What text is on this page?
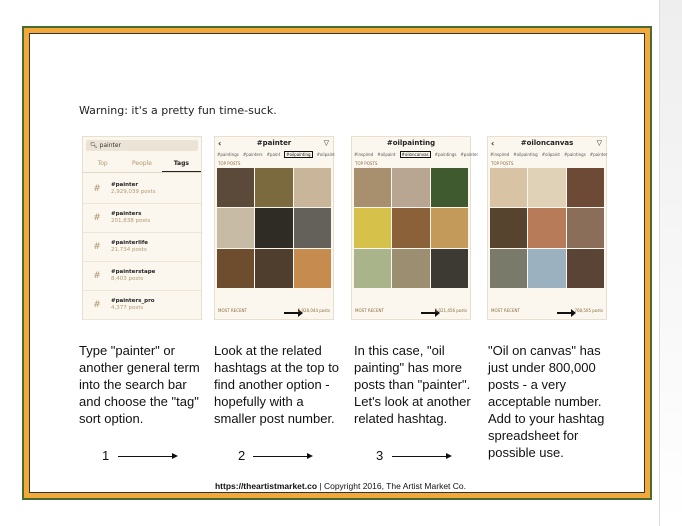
Warning: it's a pretty fun time-suck.
🔍︎ painter
Top	People	Tags
#	#painter
2,929,039 posts
#	#painters
201,838 posts
#	#painterlife
21,734 posts
#	#painterstape
8,403 posts
#	#painters_pro
4,377 posts
‹	#painter	▽
#paintings #painters #paint #oilpainting #oilpaint
TOP POSTS
MOST RECENT	2,928,044 posts
#oilpainting
#inspired #oilpaint #oiloncanvas #paintings #painter
TOP POSTS
MOST RECENT	3,021,456 posts
‹	#oiloncanvas	▽
#inspired #oilpainting #oilpaint #paintings #painter
TOP POSTS
MOST RECENT	768,505 posts
Type "painter" or another general term into the search bar and choose the "tag" sort option.
Look at the related hashtags at the top to find another option - hopefully with a smaller post number.
In this case, "oil painting" has more posts than "painter". Let's look at another related hashtag.
"Oil on canvas" has just under 800,000 posts - a very acceptable number. Add to your hashtag spreadsheet for possible use.
1	2	3
https://theartistmarket.co | Copyright 2016, The Artist Market Co.
